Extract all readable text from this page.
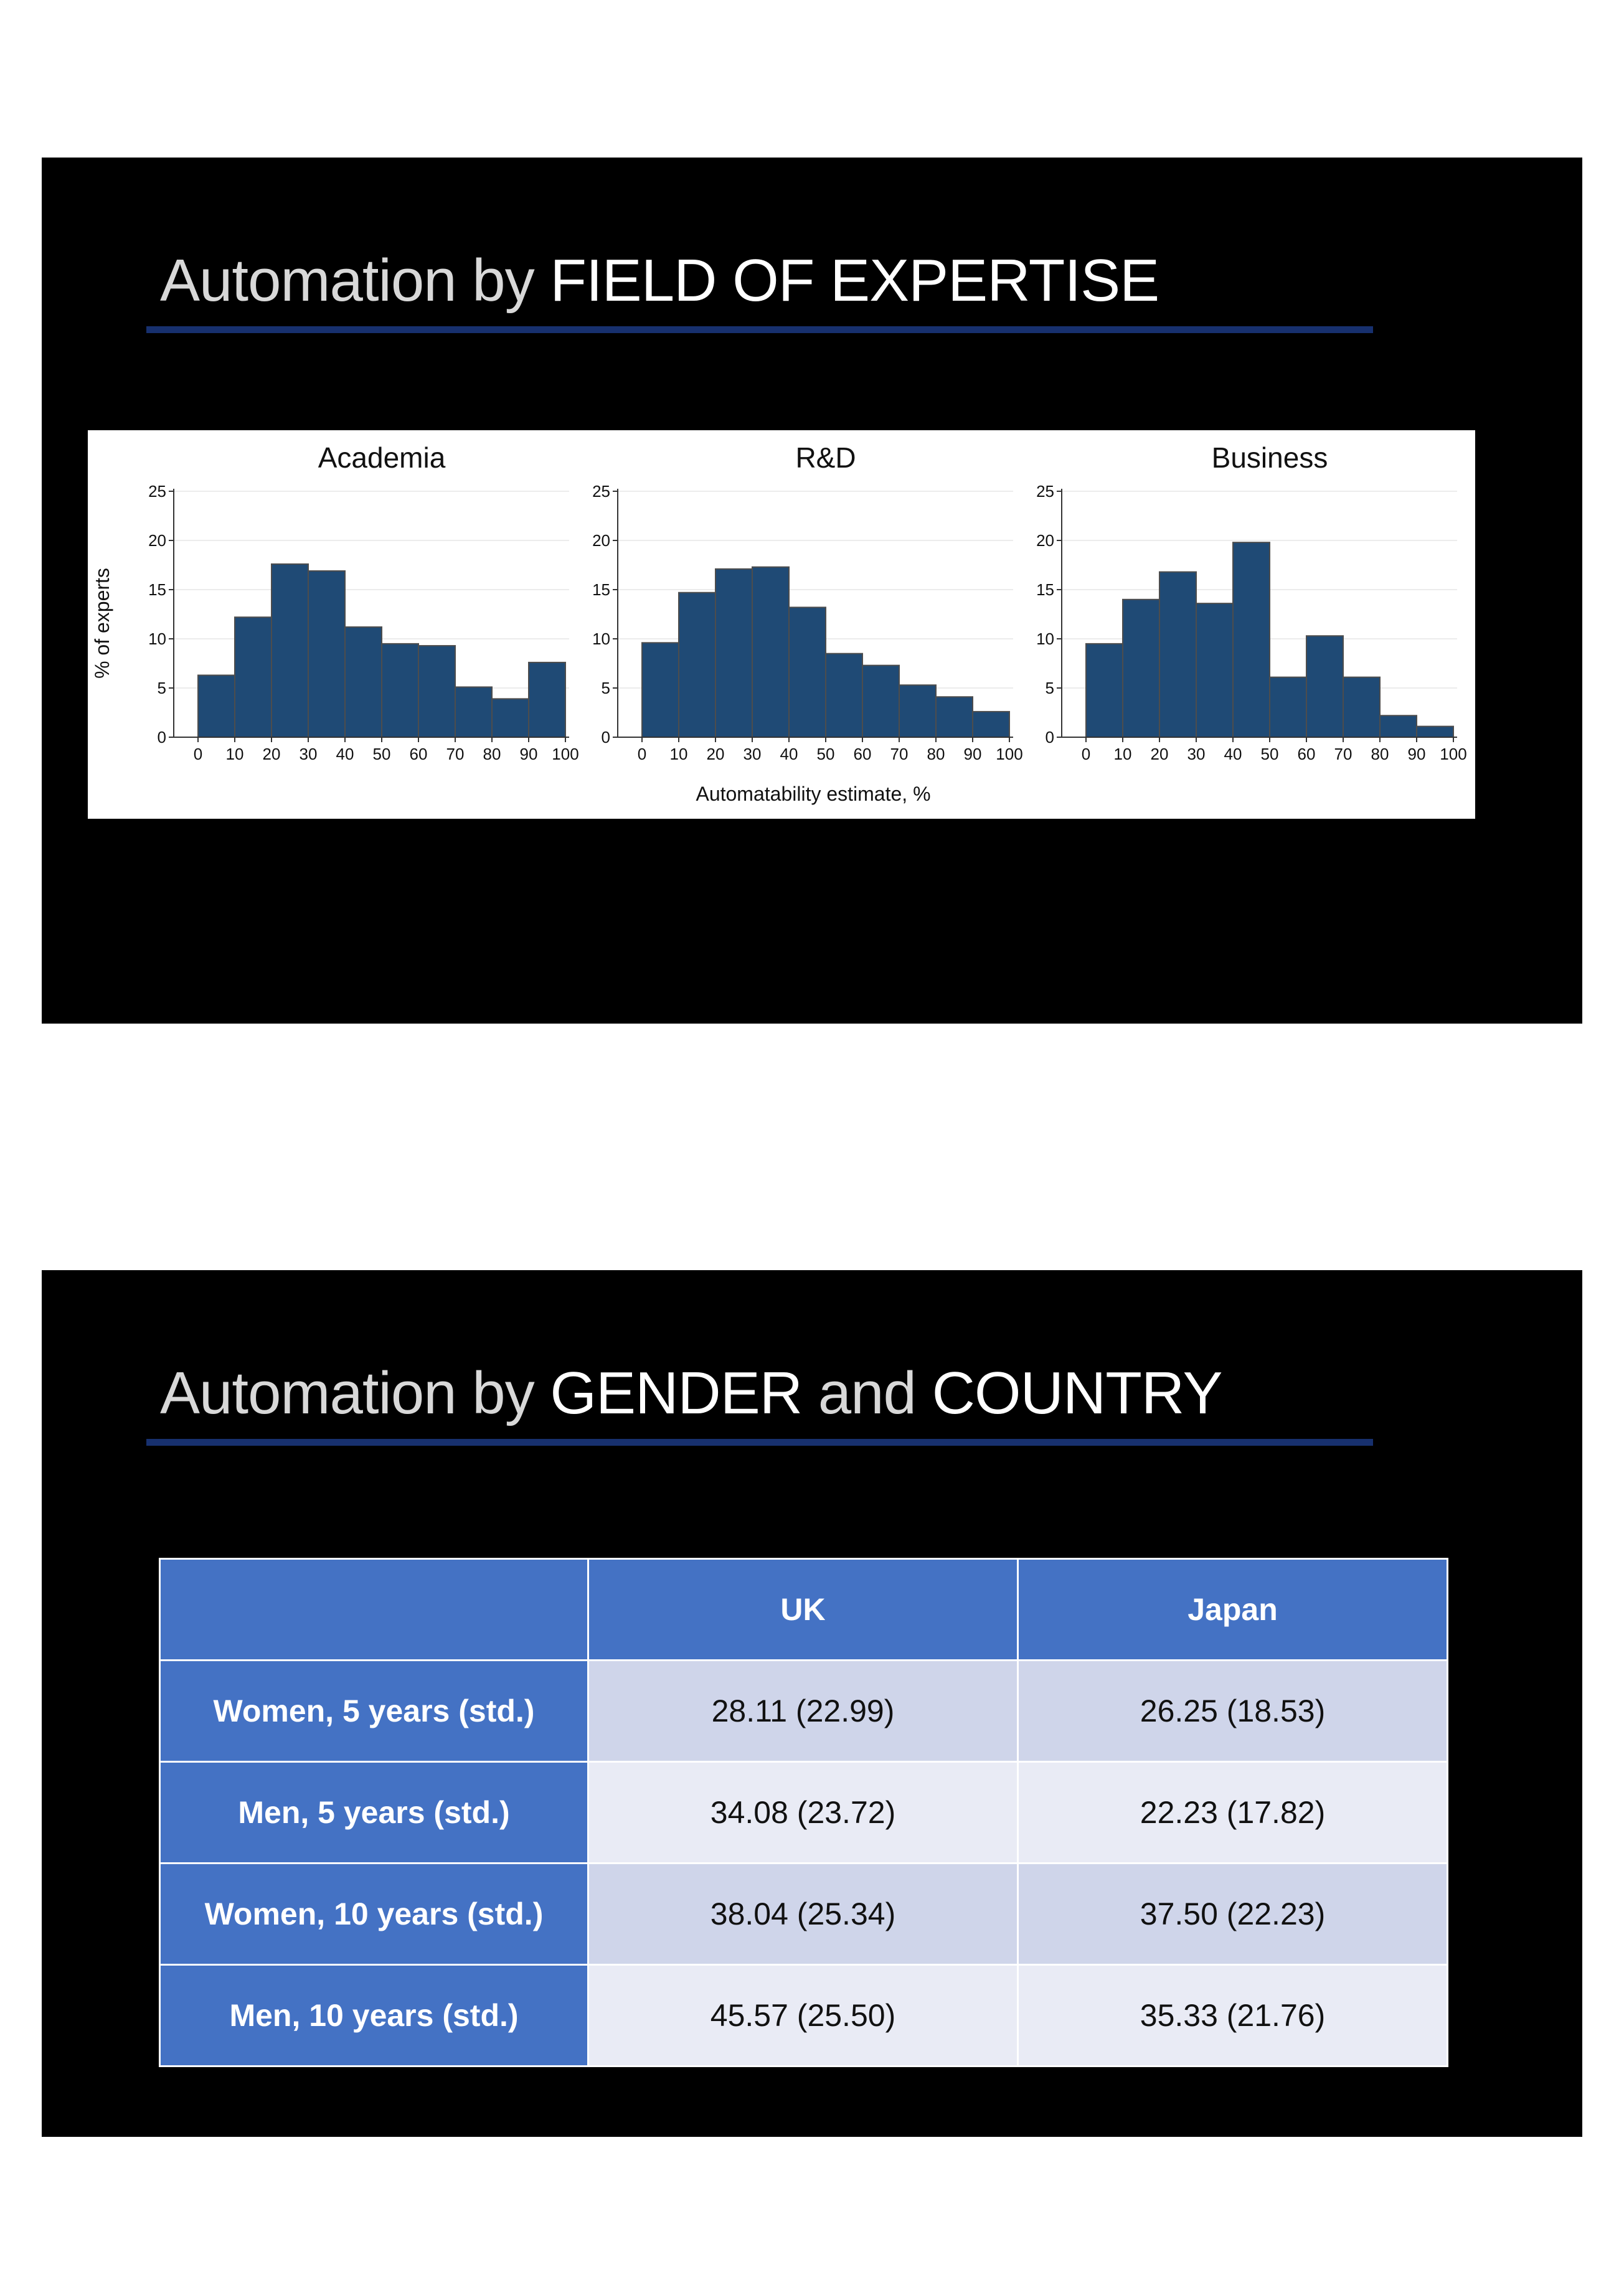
Automation by FIELD OF EXPERTISE
0
5
10
15
20
25
0 10 20 30 40 50 60 70 80 90 100
Academia
0
5
10
15
20
25
0 10 20 30 40 50 60 70 80 90 100
R&D
0
5
10
15
20
25
0 10 20 30 40 50 60 70 80 90 100
Business
% of experts
Automatability estimate, %
Automation by GENDER and COUNTRY
	UK	Japan
Women, 5 years (std.)	28.11 (22.99)	26.25 (18.53)
Men, 5 years (std.)	34.08 (23.72)	22.23 (17.82)
Women, 10 years (std.)	38.04 (25.34)	37.50 (22.23)
Men, 10 years (std.)	45.57 (25.50)	35.33 (21.76)
